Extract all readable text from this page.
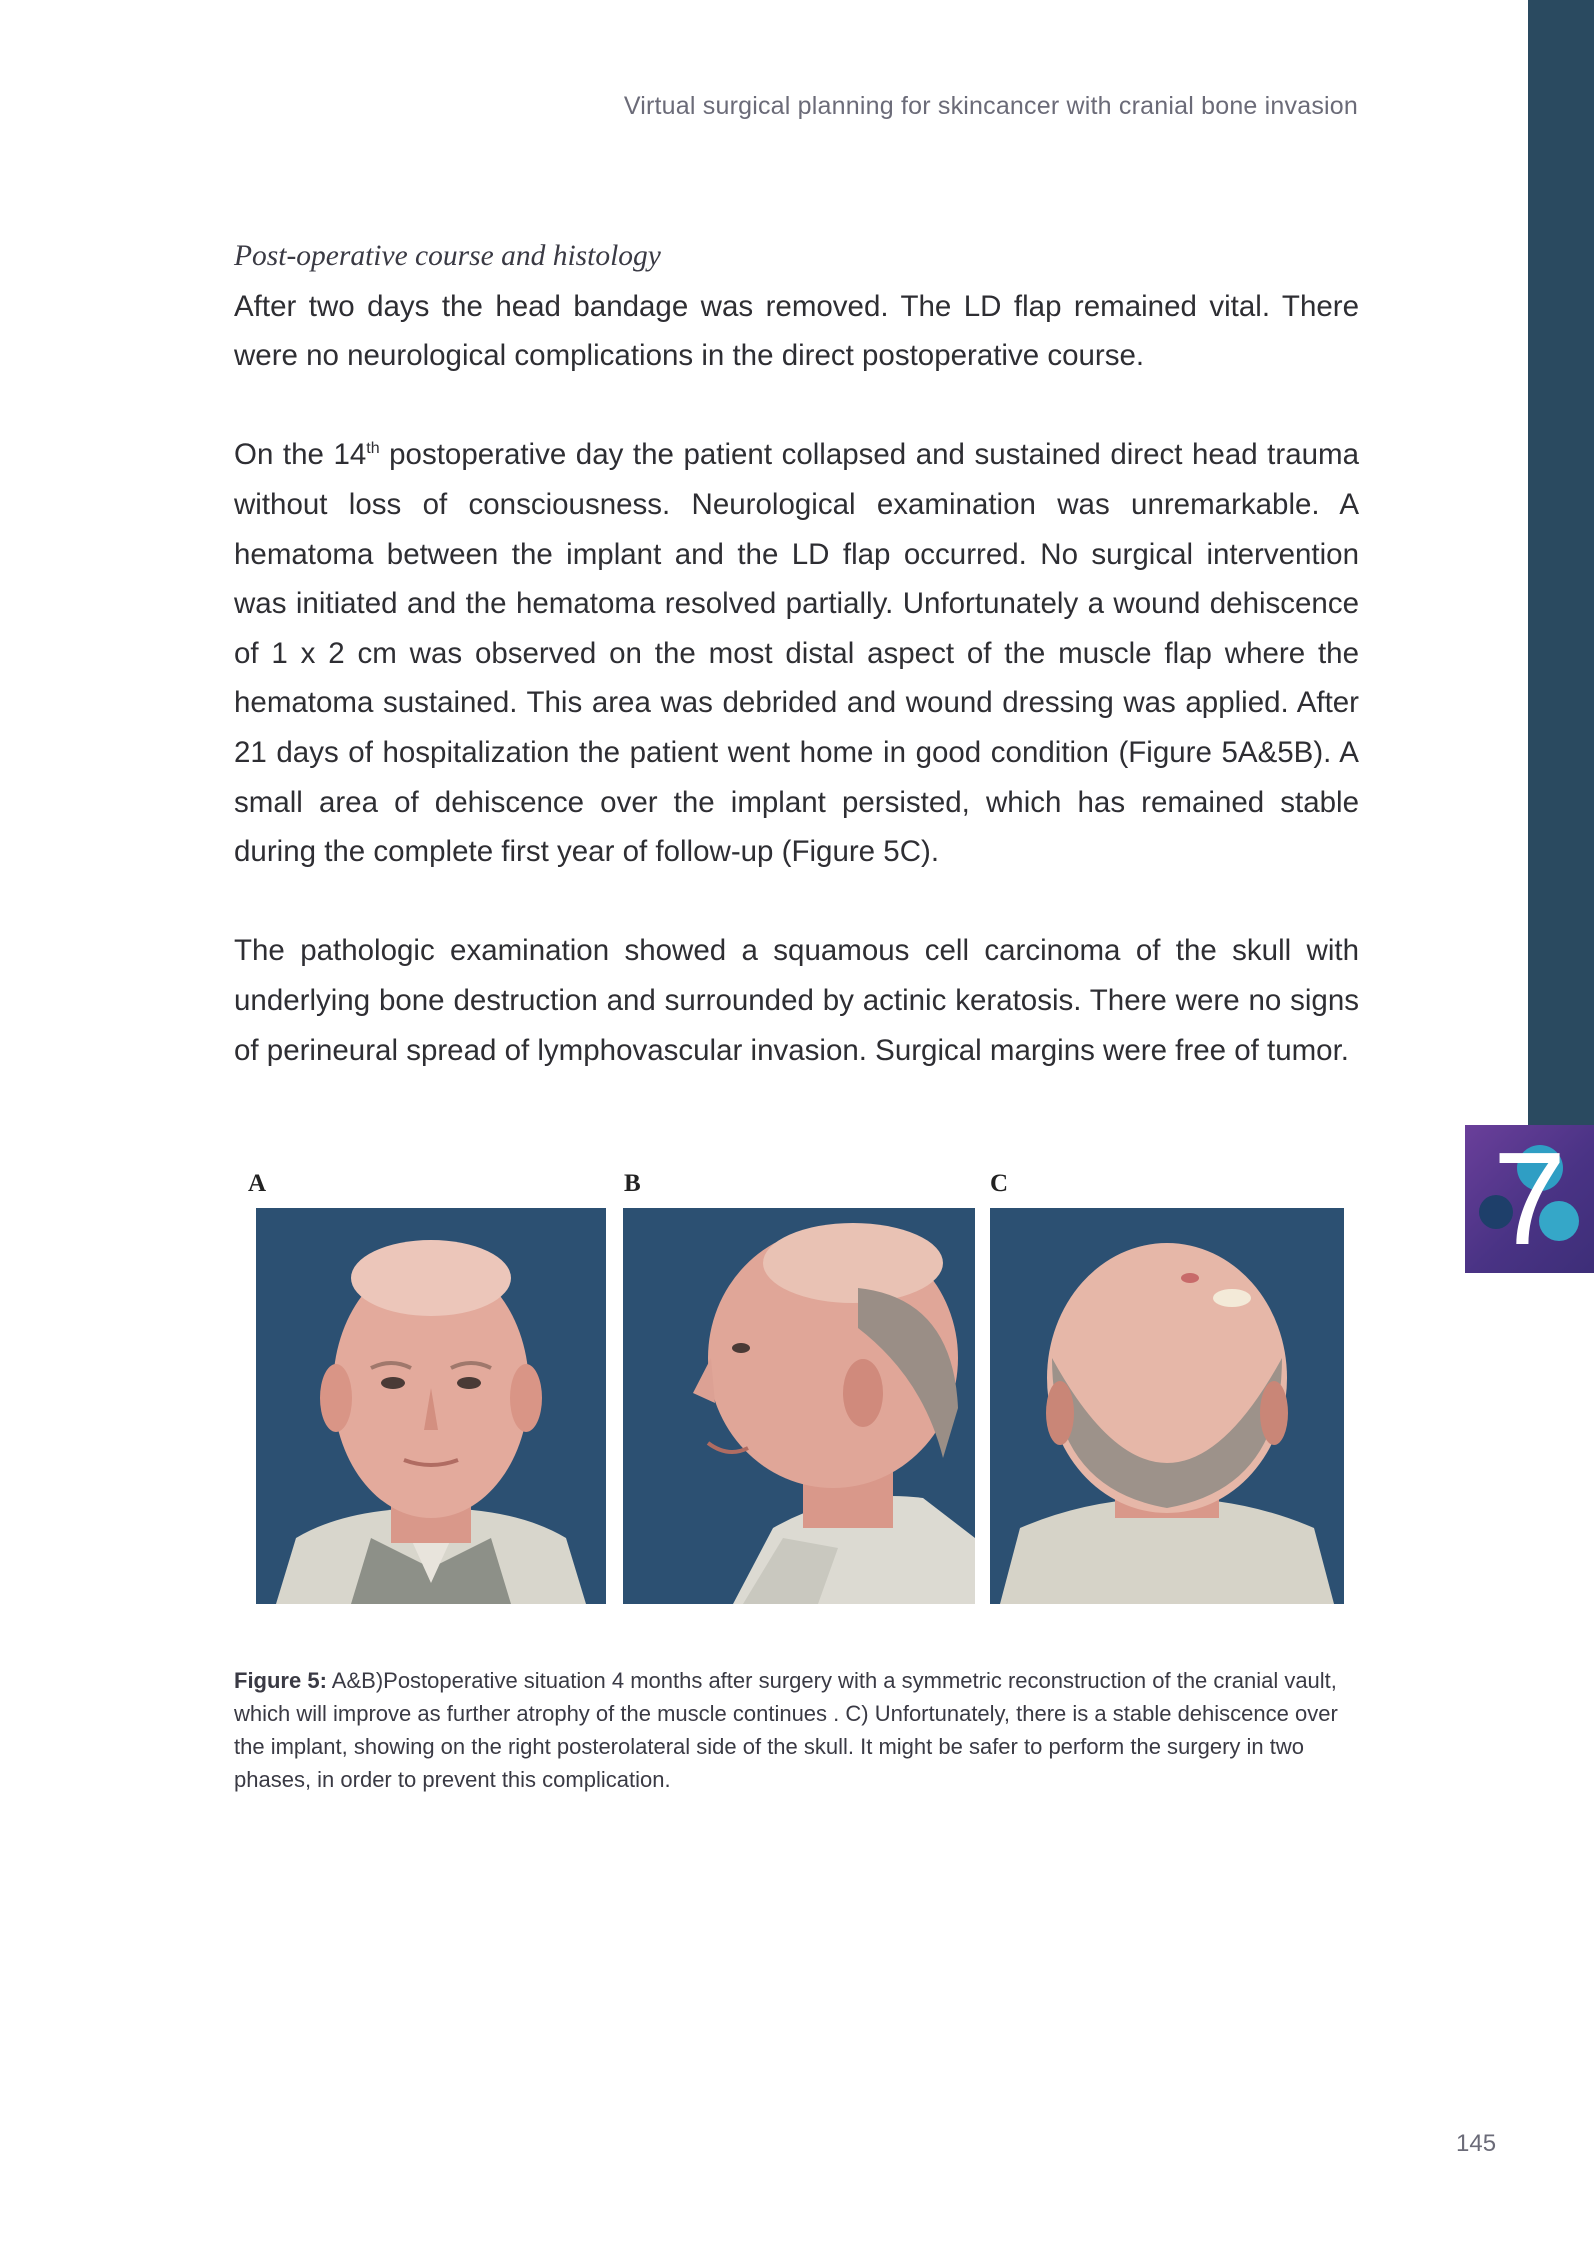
7
Virtual surgical planning for skincancer with cranial bone invasion
Post-operative course and histology

After two days the head bandage was removed. The LD flap remained vital. There were no neurological complications in the direct postoperative course.

On the 14th postoperative day the patient collapsed and sustained direct head trauma without loss of consciousness. Neurological examination was unremarkable. A hematoma between the implant and the LD flap occurred. No surgical intervention was initiated and the hematoma resolved partially. Unfortunately a wound dehiscence of 1 x 2 cm was observed on the most distal aspect of the muscle flap where the hematoma sustained. This area was debrided and wound dressing was applied. After 21 days of hospitalization the patient went home in good condition (Figure 5A&5B). A small area of dehiscence over the implant persisted, which has remained stable during the complete first year of follow-up (Figure 5C).

The pathologic examination showed a squamous cell carcinoma of the skull with underlying bone destruction and surrounded by actinic keratosis. There were no signs of perineural spread of lymphovascular invasion. Surgical margins were free of tumor.

A	B	C
Figure 5: A&B)Postoperative situation 4 months after surgery with a symmetric reconstruction of the cranial vault, which will improve as further atrophy of the muscle continues . C) Unfortunately, there is a stable dehiscence over the implant, showing on the right posterolateral side of the skull. It might be safer to perform the surgery in two phases, in order to prevent this complication.
145
